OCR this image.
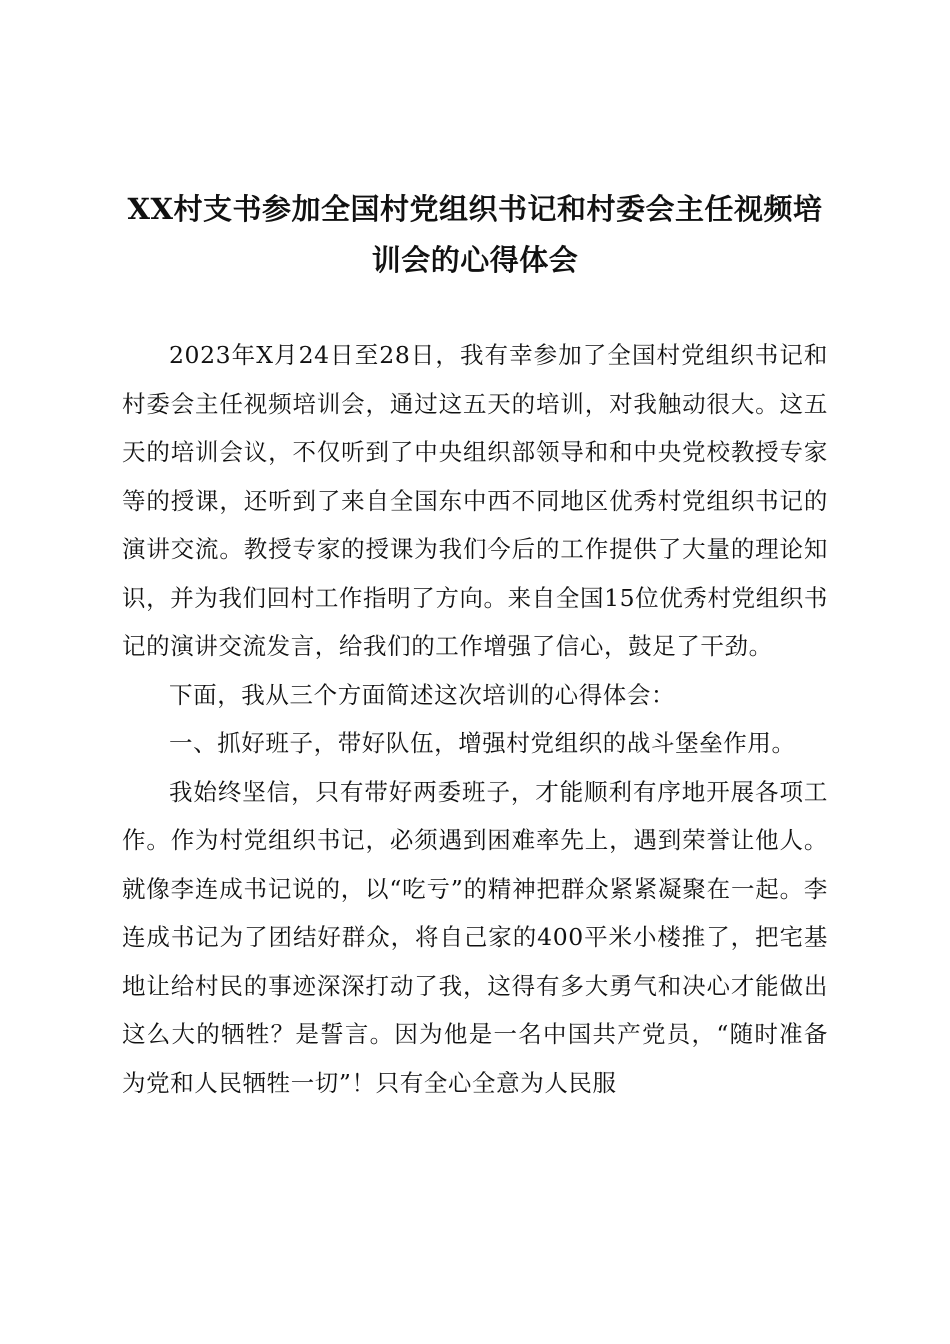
XX村支书参加全国村党组织书记和村委会主任视频培训会的心得体会

2023年X月24日至28日，我有幸参加了全国村党组织书记和村委会主任视频培训会，通过这五天的培训，对我触动很大。这五天的培训会议，不仅听到了中央组织部领导和和中央党校教授专家等的授课，还听到了来自全国东中西不同地区优秀村党组织书记的演讲交流。教授专家的授课为我们今后的工作提供了大量的理论知识，并为我们回村工作指明了方向。来自全国15位优秀村党组织书记的演讲交流发言，给我们的工作增强了信心，鼓足了干劲。

下面，我从三个方面简述这次培训的心得体会：

一、抓好班子，带好队伍，增强村党组织的战斗堡垒作用。

我始终坚信，只有带好两委班子，才能顺利有序地开展各项工作。作为村党组织书记，必须遇到困难率先上，遇到荣誉让他人。就像李连成书记说的，以“吃亏”的精神把群众紧紧凝聚在一起。李连成书记为了团结好群众，将自己家的400平米小楼推了，把宅基地让给村民的事迹深深打动了我，这得有多大勇气和决心才能做出这么大的牺牲？是誓言。因为他是一名中国共产党员，“随时准备为党和人民牺牲一切”！只有全心全意为人民服
